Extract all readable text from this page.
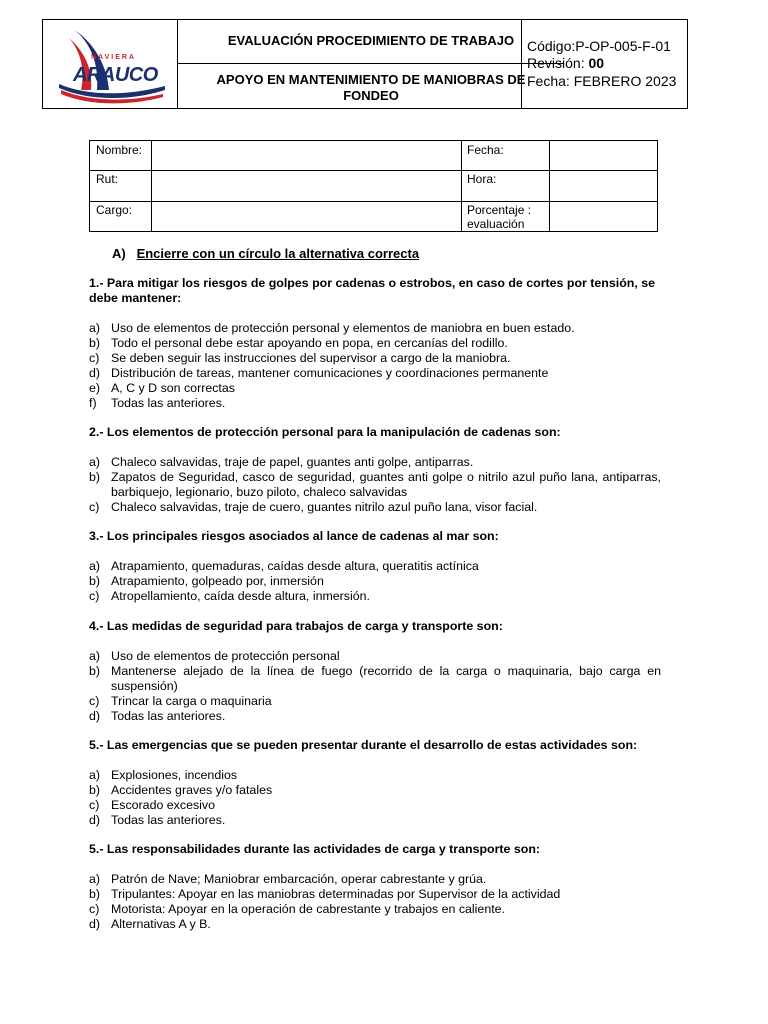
NAVIERA
ARAUCO
EVALUACIÓN PROCEDIMIENTO DE TRABAJO
APOYO EN MANTENIMIENTO DE MANIOBRAS DE FONDEO
Código:P-OP-005-F-01
Revisión: 00
Fecha: FEBRERO 2023
Nombre:
Rut:
Cargo:
Fecha:
Hora:
Porcentaje :
evaluación
A) Encierre con un círculo la alternativa correcta
1.- Para mitigar los riesgos de golpes por cadenas o estrobos, en caso de cortes por tensión, se debe mantener:
a) Uso de elementos de protección personal y elementos de maniobra en buen estado.
b) Todo el personal debe estar apoyando en popa, en cercanías del rodillo.
c) Se deben seguir las instrucciones del supervisor a cargo de la maniobra.
d) Distribución de tareas, mantener comunicaciones y coordinaciones permanente
e) A, C y D son correctas
f)	Todas las anteriores.
2.- Los elementos de protección personal para la manipulación de cadenas son:
a) Chaleco salvavidas, traje de papel, guantes anti golpe, antiparras.
b) Zapatos de Seguridad, casco de seguridad, guantes anti golpe o nitrilo azul puño lana, antiparras, barbiquejo, legionario, buzo piloto, chaleco salvavidas
c) Chaleco salvavidas, traje de cuero, guantes nitrilo azul puño lana, visor facial.
3.- Los principales riesgos asociados al lance de cadenas al mar son:
a) Atrapamiento, quemaduras, caídas desde altura, queratitis actínica
b) Atrapamiento, golpeado por, inmersión
c) Atropellamiento, caída desde altura, inmersión.
4.- Las medidas de seguridad para trabajos de carga y transporte son:
a) Uso de elementos de protección personal
b) Mantenerse alejado de la línea de fuego (recorrido de la carga o maquinaria, bajo carga en suspensión)
c) Trincar la carga o maquinaria
d) Todas las anteriores.
5.- Las emergencias que se pueden presentar durante el desarrollo de estas actividades son:
a) Explosiones, incendios
b) Accidentes graves y/o fatales
c) Escorado excesivo
d) Todas las anteriores.
5.- Las responsabilidades durante las actividades de carga y transporte son:
a) Patrón de Nave; Maniobrar embarcación, operar cabrestante y grúa.
b) Tripulantes: Apoyar en las maniobras determinadas por Supervisor de la actividad
c) Motorista: Apoyar en la operación de cabrestante y trabajos en caliente.
d) Alternativas A y B.
